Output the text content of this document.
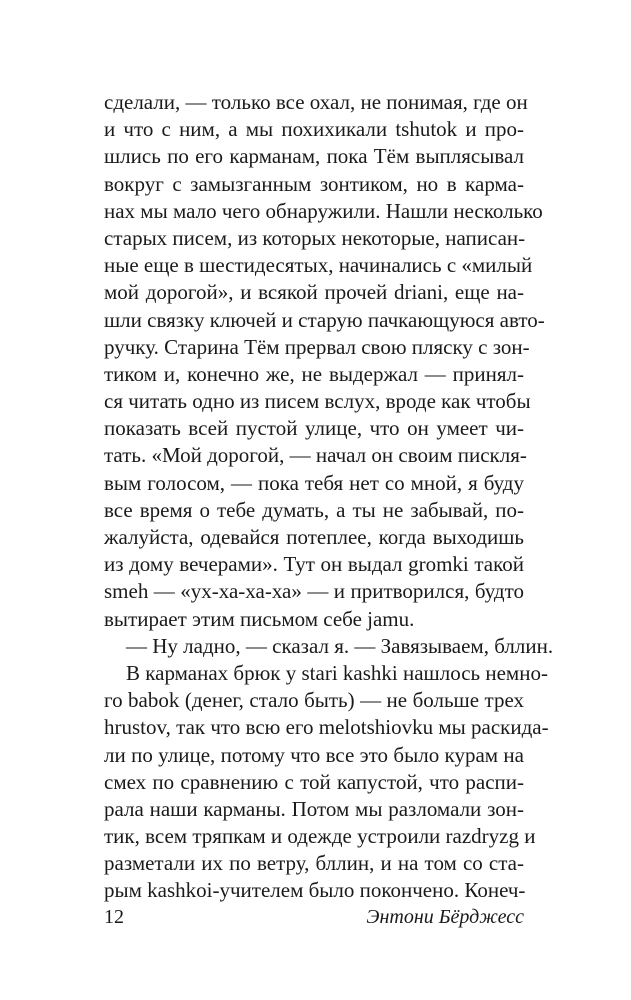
сделали, — только все охал, не понимая, где он
и что с ним, а мы похихикали tshutok и про-
шлись по его карманам, пока Тём выплясывал
вокруг с замызганным зонтиком, но в карма-
нах мы мало чего обнаружили. Нашли несколько
старых писем, из которых некоторые, написан-
ные еще в шестидесятых, начинались с «милый
мой дорогой», и всякой прочей driani, еще на-
шли связку ключей и старую пачкающуюся авто-
ручку. Старина Тём прервал свою пляску с зон-
тиком и, конечно же, не выдержал — принял-
ся читать одно из писем вслух, вроде как чтобы
показать всей пустой улице, что он умеет чи-
тать. «Мой дорогой, — начал он своим пискля-
вым голосом, — пока тебя нет со мной, я буду
все время о тебе думать, а ты не забывай, по-
жалуйста, одевайся потеплее, когда выходишь
из дому вечерами». Тут он выдал gromki такой
smeh — «ух-ха-ха-ха» — и притворился, будто
вытирает этим письмом себе jamu.
— Ну ладно, — сказал я. — Завязываем, бллин.
В карманах брюк у stari kashki нашлось немно-
го babok (денег, стало быть) — не больше трех
hrustov, так что всю его melotshiovku мы раскида-
ли по улице, потому что все это было курам на
смех по сравнению с той капустой, что распи-
рала наши карманы. Потом мы разломали зон-
тик, всем тряпкам и одежде устроили razdryzg и
разметали их по ветру, бллин, и на том со ста-
рым kashkoi-учителем было покончено. Конеч-
12	Энтони Бёрджесс
